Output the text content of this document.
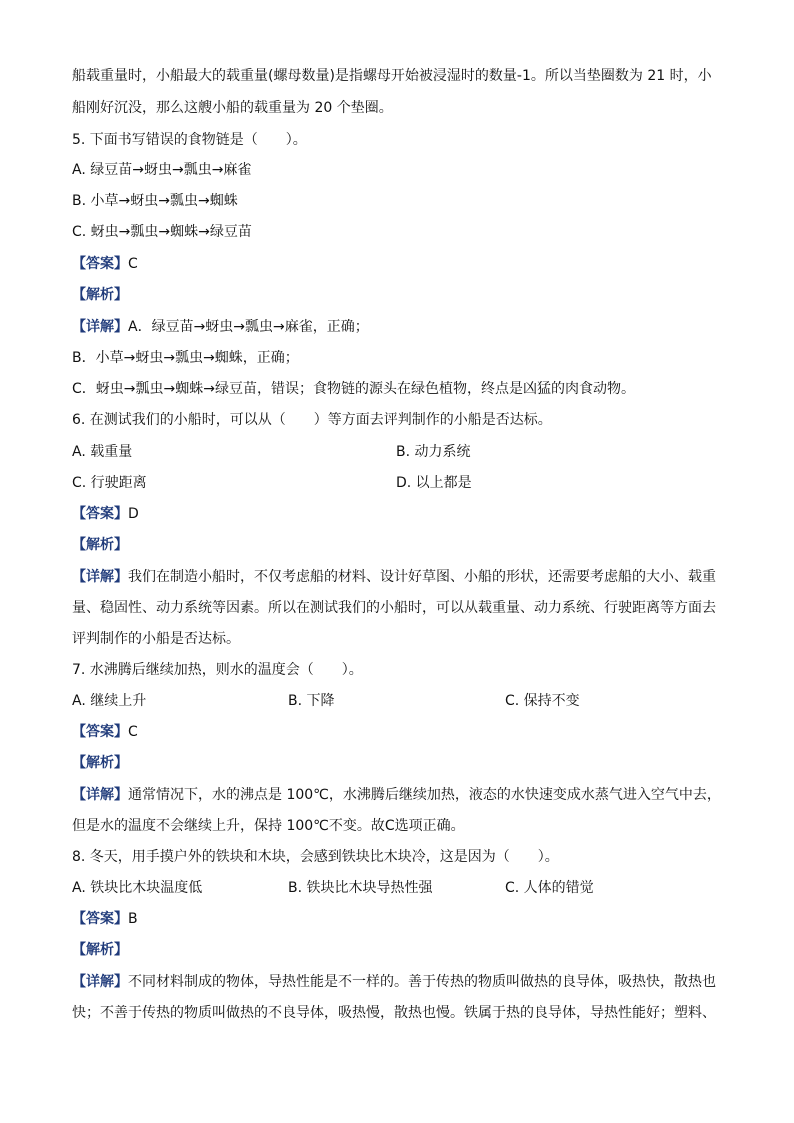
船载重量时，小船最大的载重量(螺母数量)是指螺母开始被浸湿时的数量-1。所以当垫圈数为 21 时，小
船刚好沉没，那么这艘小船的载重量为 20 个垫圈。
5. 下面书写错误的食物链是（　　）。
A. 绿豆苗→蚜虫→瓢虫→麻雀
B. 小草→蚜虫→瓢虫→蜘蛛
C. 蚜虫→瓢虫→蜘蛛→绿豆苗
【答案】C
【解析】
【详解】A．绿豆苗→蚜虫→瓢虫→麻雀，正确；
B．小草→蚜虫→瓢虫→蜘蛛，正确；
C．蚜虫→瓢虫→蜘蛛→绿豆苗，错误；食物链的源头在绿色植物，终点是凶猛的肉食动物。
6. 在测试我们的小船时，可以从（　　）等方面去评判制作的小船是否达标。
A. 载重量	B. 动力系统
C. 行驶距离	D. 以上都是
【答案】D
【解析】
【详解】我们在制造小船时，不仅考虑船的材料、设计好草图、小船的形状，还需要考虑船的大小、载重
量、稳固性、动力系统等因素。所以在测试我们的小船时，可以从载重量、动力系统、行驶距离等方面去
评判制作的小船是否达标。
7. 水沸腾后继续加热，则水的温度会（　　）。
A. 继续上升	B. 下降	C. 保持不变
【答案】C
【解析】
【详解】通常情况下，水的沸点是 100℃，水沸腾后继续加热，液态的水快速变成水蒸气进入空气中去，
但是水的温度不会继续上升，保持 100℃不变。故C选项正确。
8. 冬天，用手摸户外的铁块和木块，会感到铁块比木块冷，这是因为（　　）。
A. 铁块比木块温度低	B. 铁块比木块导热性强	C. 人体的错觉
【答案】B
【解析】
【详解】不同材料制成的物体，导热性能是不一样的。善于传热的物质叫做热的良导体，吸热快，散热也
快；不善于传热的物质叫做热的不良导体，吸热慢，散热也慢。铁属于热的良导体，导热性能好；塑料、
